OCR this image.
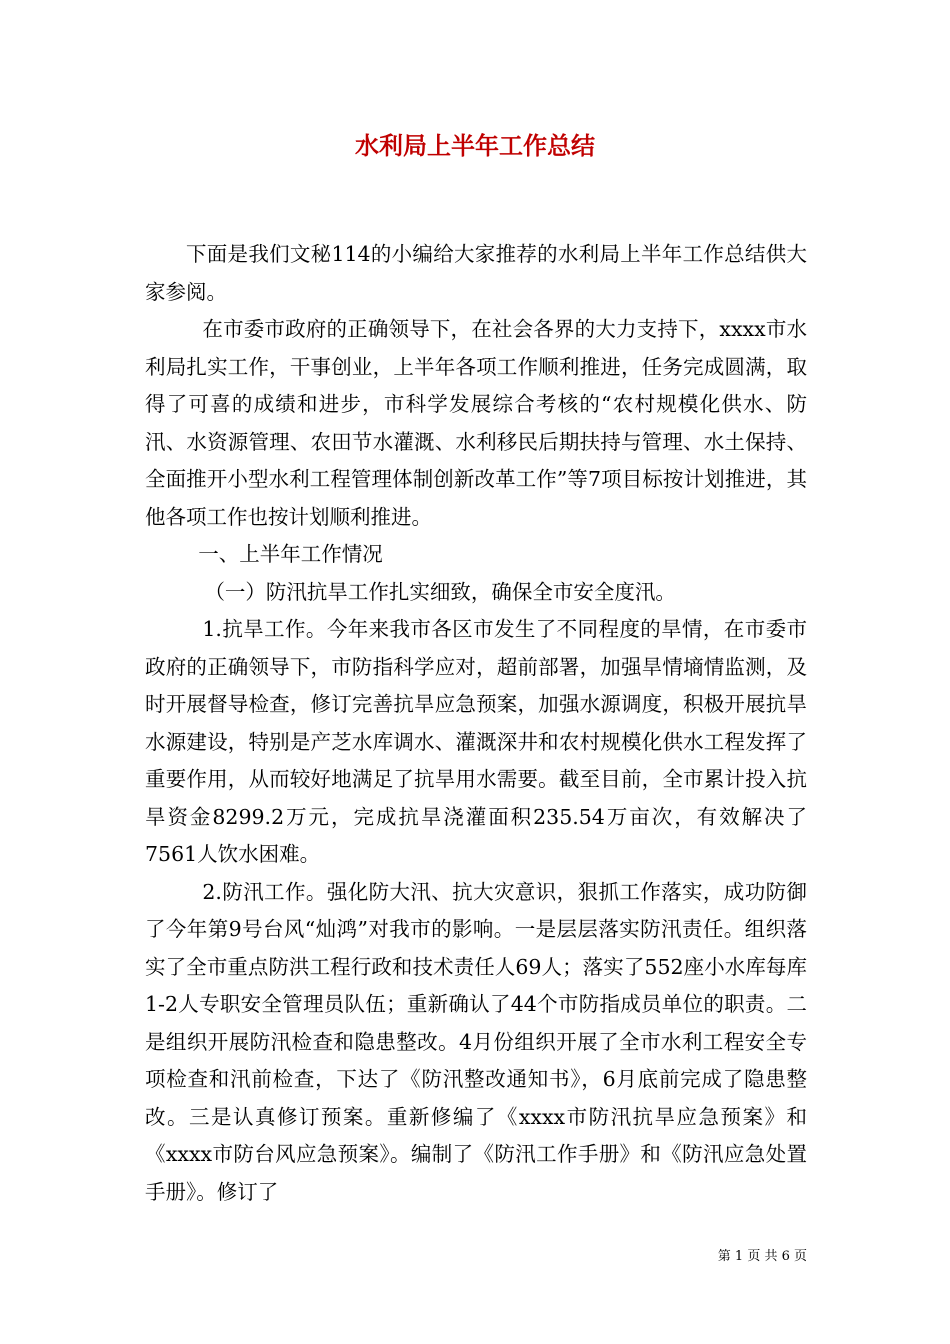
水利局上半年工作总结

下面是我们文秘114的小编给大家推荐的水利局上半年工作总结供大家参阅。

在市委市政府的正确领导下，在社会各界的大力支持下，xxxx市水利局扎实工作，干事创业，上半年各项工作顺利推进，任务完成圆满，取得了可喜的成绩和进步，市科学发展综合考核的“农村规模化供水、防汛、水资源管理、农田节水灌溉、水利移民后期扶持与管理、水土保持、全面推开小型水利工程管理体制创新改革工作”等7项目标按计划推进，其他各项工作也按计划顺利推进。

一、上半年工作情况

（一）防汛抗旱工作扎实细致，确保全市安全度汛。

1.抗旱工作。今年来我市各区市发生了不同程度的旱情，在市委市政府的正确领导下，市防指科学应对，超前部署，加强旱情墒情监测，及时开展督导检查，修订完善抗旱应急预案，加强水源调度，积极开展抗旱水源建设，特别是产芝水库调水、灌溉深井和农村规模化供水工程发挥了重要作用，从而较好地满足了抗旱用水需要。截至目前，全市累计投入抗旱资金8299.2万元，完成抗旱浇灌面积235.54万亩次，有效解决了7561人饮水困难。

2.防汛工作。强化防大汛、抗大灾意识，狠抓工作落实，成功防御了今年第9号台风“灿鸿”对我市的影响。一是层层落实防汛责任。组织落实了全市重点防洪工程行政和技术责任人69人；落实了552座小水库每库1-2人专职安全管理员队伍；重新确认了44个市防指成员单位的职责。二是组织开展防汛检查和隐患整改。4月份组织开展了全市水利工程安全专项检查和汛前检查，下达了《防汛整改通知书》，6月底前完成了隐患整改。三是认真修订预案。重新修编了《xxxx市防汛抗旱应急预案》和《xxxx市防台风应急预案》。编制了《防汛工作手册》和《防汛应急处置手册》。修订了

第 1 页 共 6 页
